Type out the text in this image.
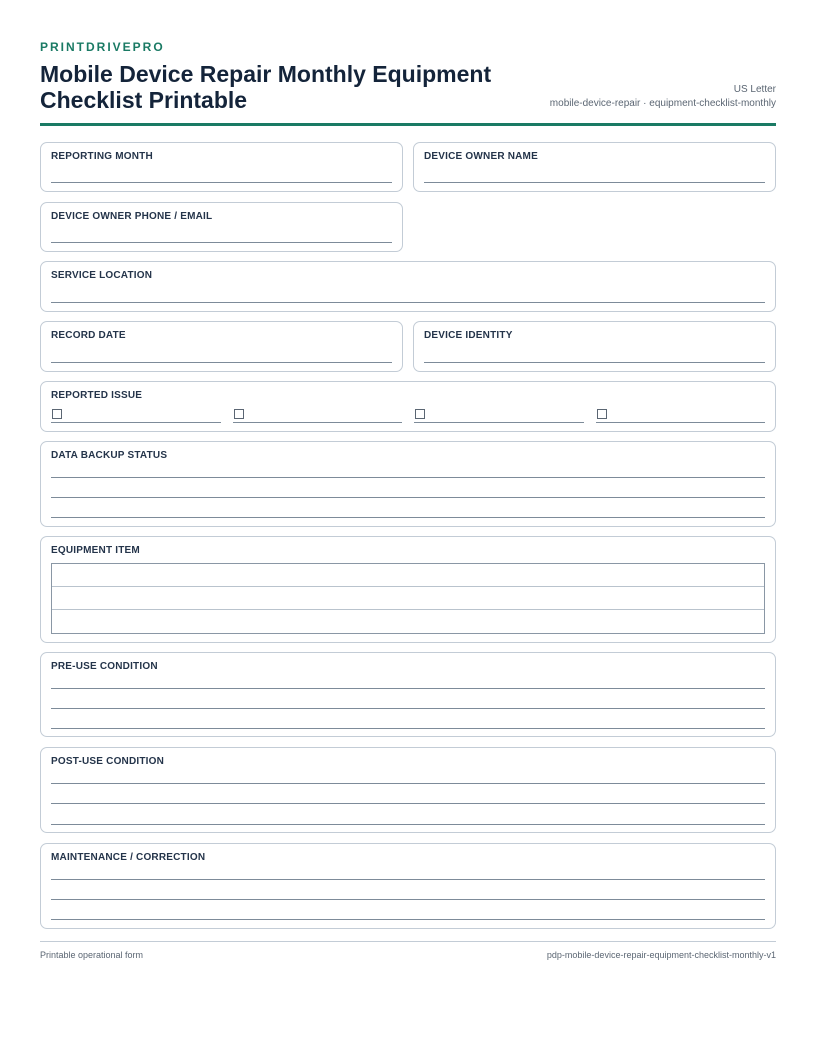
PRINTDRIVEPRO
Mobile Device Repair Monthly Equipment Checklist Printable	US Letter
mobile-device-repair · equipment-checklist-monthly
REPORTING MONTH	DEVICE OWNER NAME
DEVICE OWNER PHONE / EMAIL
SERVICE LOCATION
RECORD DATE	DEVICE IDENTITY
REPORTED ISSUE
DATA BACKUP STATUS
EQUIPMENT ITEM
PRE-USE CONDITION
POST-USE CONDITION
MAINTENANCE / CORRECTION
Printable operational form	pdp-mobile-device-repair-equipment-checklist-monthly-v1
